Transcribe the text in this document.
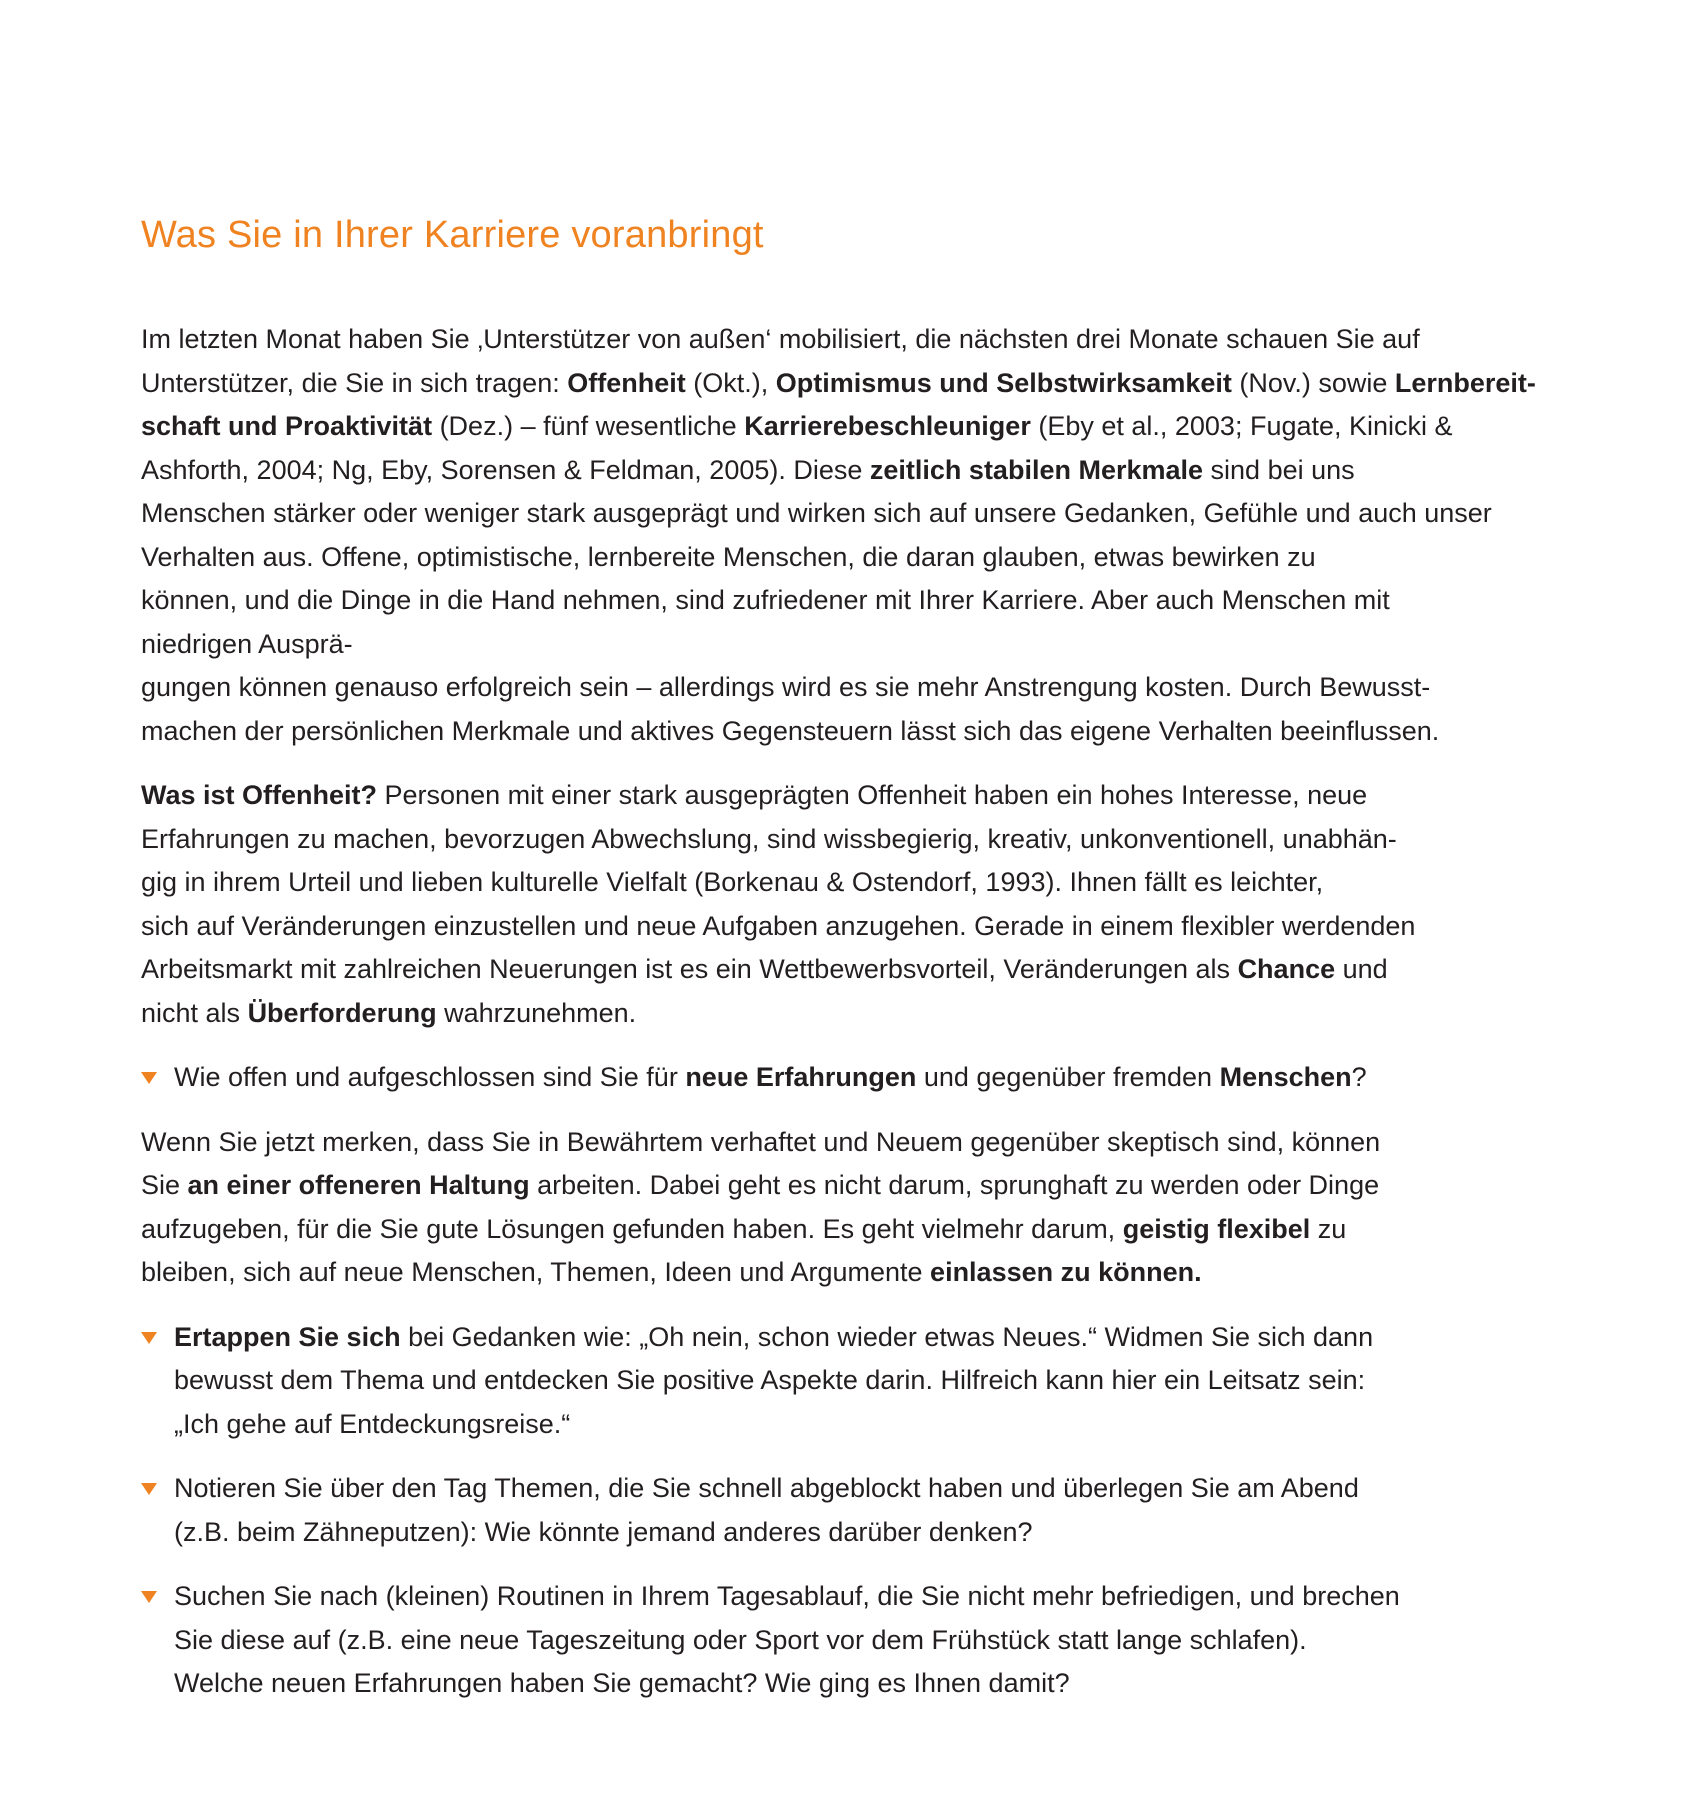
Was Sie in Ihrer Karriere voranbringt

Im letzten Monat haben Sie ‚Unterstützer von außen‘ mobilisiert, die nächsten drei Monate schauen Sie auf
Unterstützer, die Sie in sich tragen: Offenheit (Okt.), Optimismus und Selbstwirksamkeit (Nov.) sowie Lernbereit-
schaft und Proaktivität (Dez.) – fünf wesentliche Karrierebeschleuniger (Eby et al., 2003; Fugate, Kinicki &
Ashforth, 2004; Ng, Eby, Sorensen & Feldman, 2005). Diese zeitlich stabilen Merkmale sind bei uns
Menschen stärker oder weniger stark ausgeprägt und wirken sich auf unsere Gedanken, Gefühle und auch unser
Verhalten aus. Offene, optimistische, lernbereite Menschen, die daran glauben, etwas bewirken zu
können, und die Dinge in die Hand nehmen, sind zufriedener mit Ihrer Karriere. Aber auch Menschen mit
niedrigen Ausprä-
gungen können genauso erfolgreich sein – allerdings wird es sie mehr Anstrengung kosten. Durch Bewusst-
machen der persönlichen Merkmale und aktives Gegensteuern lässt sich das eigene Verhalten beeinflussen.

Was ist Offenheit? Personen mit einer stark ausgeprägten Offenheit haben ein hohes Interesse, neue
Erfahrungen zu machen, bevorzugen Abwechslung, sind wissbegierig, kreativ, unkonventionell, unabhän-
gig in ihrem Urteil und lieben kulturelle Vielfalt (Borkenau & Ostendorf, 1993). Ihnen fällt es leichter,
sich auf Veränderungen einzustellen und neue Aufgaben anzugehen. Gerade in einem flexibler werdenden
Arbeitsmarkt mit zahlreichen Neuerungen ist es ein Wettbewerbsvorteil, Veränderungen als Chance und
nicht als Überforderung wahrzunehmen.

Wie offen und aufgeschlossen sind Sie für neue Erfahrungen und gegenüber fremden Menschen?

Wenn Sie jetzt merken, dass Sie in Bewährtem verhaftet und Neuem gegenüber skeptisch sind, können
Sie an einer offeneren Haltung arbeiten. Dabei geht es nicht darum, sprunghaft zu werden oder Dinge
aufzugeben, für die Sie gute Lösungen gefunden haben. Es geht vielmehr darum, geistig flexibel zu
bleiben, sich auf neue Menschen, Themen, Ideen und Argumente einlassen zu können.

Ertappen Sie sich bei Gedanken wie: „Oh nein, schon wieder etwas Neues.“ Widmen Sie sich dann
bewusst dem Thema und entdecken Sie positive Aspekte darin. Hilfreich kann hier ein Leitsatz sein:
„Ich gehe auf Entdeckungsreise.“

Notieren Sie über den Tag Themen, die Sie schnell abgeblockt haben und überlegen Sie am Abend
(z.B. beim Zähneputzen): Wie könnte jemand anderes darüber denken?

Suchen Sie nach (kleinen) Routinen in Ihrem Tagesablauf, die Sie nicht mehr befriedigen, und brechen
Sie diese auf (z.B. eine neue Tageszeitung oder Sport vor dem Frühstück statt lange schlafen).
Welche neuen Erfahrungen haben Sie gemacht? Wie ging es Ihnen damit?
